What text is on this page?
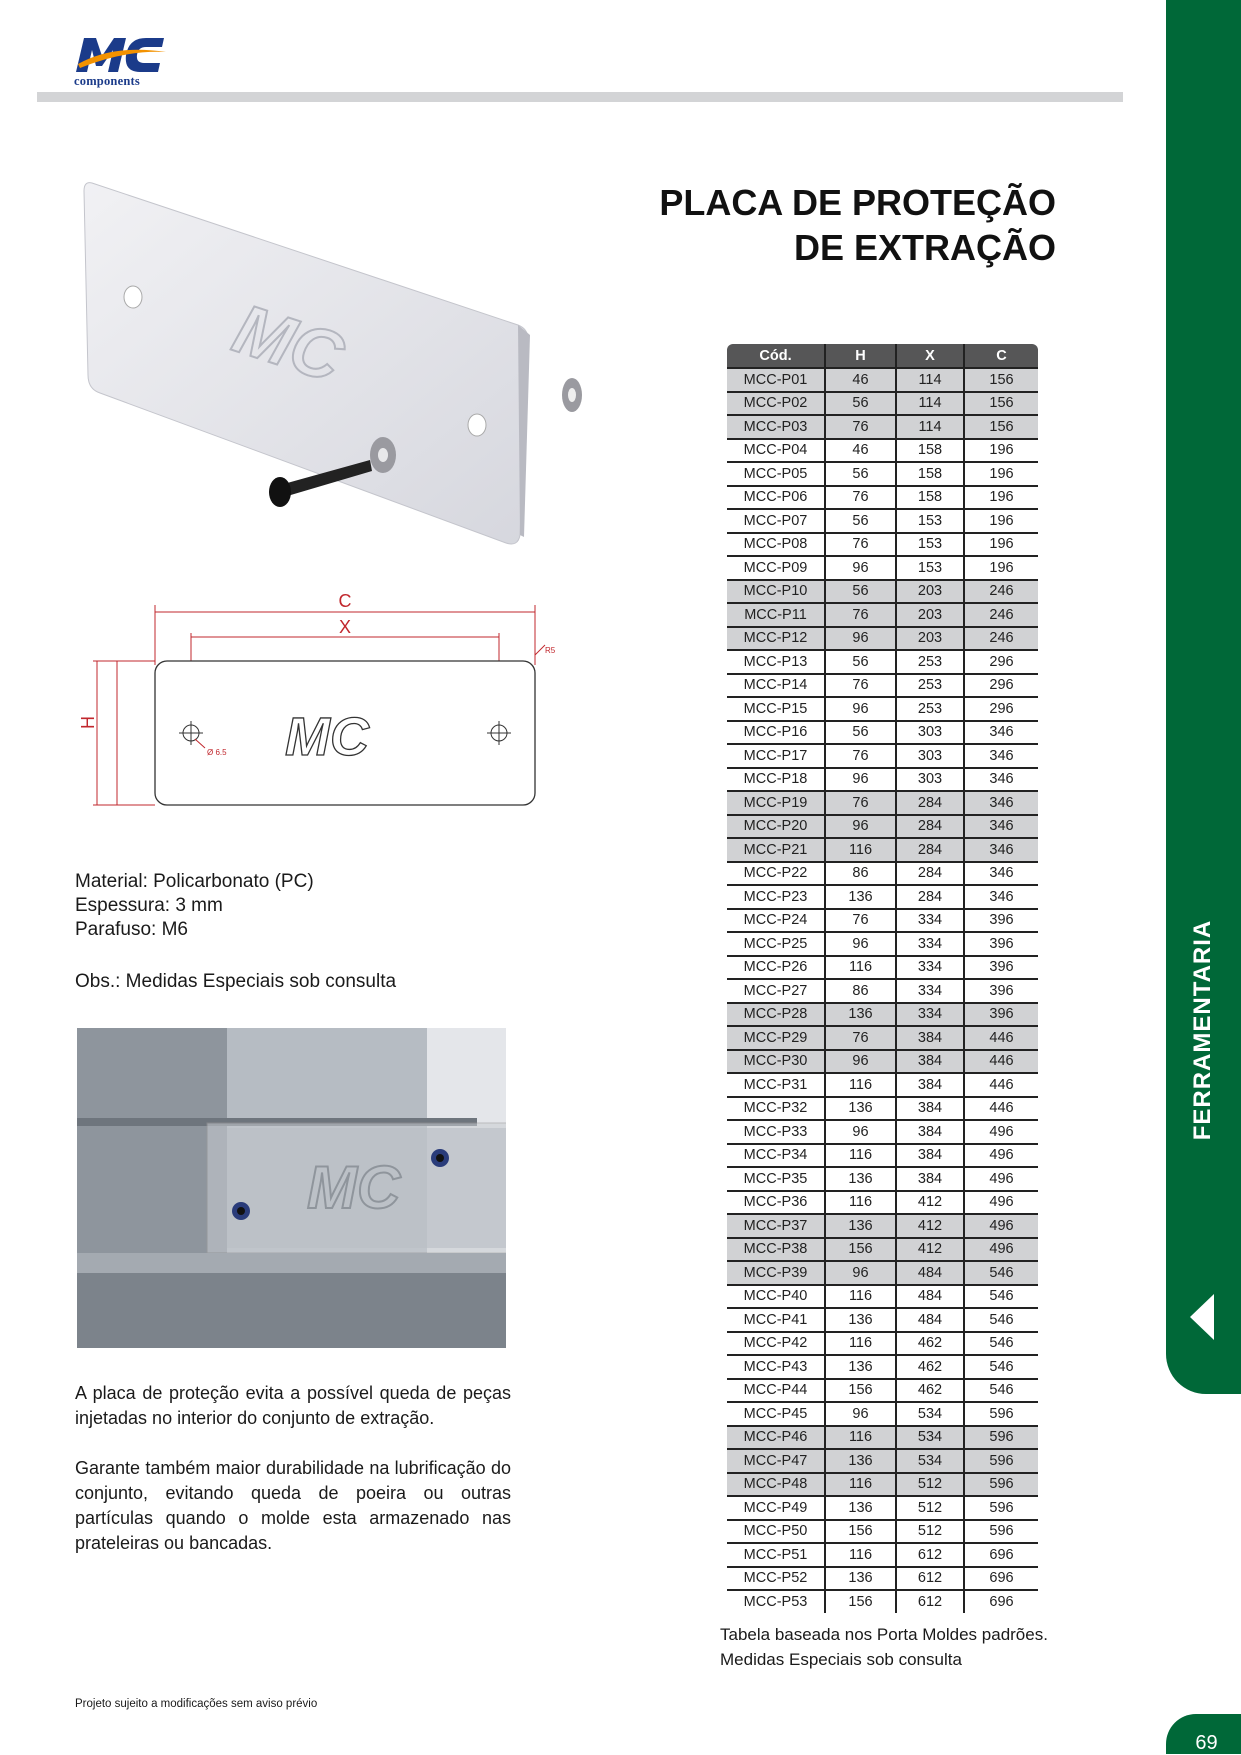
components
PLACA DE PROTEÇÃO
DE EXTRAÇÃO
MC
C
X
H
R5
Ø 6.5 MC
Material: Policarbonato (PC)
Espessura: 3 mm
Parafuso: M6
Obs.: Medidas Especiais sob consulta
MC
A placa de proteção evita a possível queda de peças injetadas no interior do conjunto de extração.
Garante também maior durabilidade na lubrificação do conjunto, evitando queda de poeira ou outras partículas quando o molde esta armazenado nas prateleiras ou bancadas.
Cód.	H	X	C
MCC-P01	46	114	156
MCC-P02	56	114	156
MCC-P03	76	114	156
MCC-P04	46	158	196
MCC-P05	56	158	196
MCC-P06	76	158	196
MCC-P07	56	153	196
MCC-P08	76	153	196
MCC-P09	96	153	196
MCC-P10	56	203	246
MCC-P11	76	203	246
MCC-P12	96	203	246
MCC-P13	56	253	296
MCC-P14	76	253	296
MCC-P15	96	253	296
MCC-P16	56	303	346
MCC-P17	76	303	346
MCC-P18	96	303	346
MCC-P19	76	284	346
MCC-P20	96	284	346
MCC-P21	116	284	346
MCC-P22	86	284	346
MCC-P23	136	284	346
MCC-P24	76	334	396
MCC-P25	96	334	396
MCC-P26	116	334	396
MCC-P27	86	334	396
MCC-P28	136	334	396
MCC-P29	76	384	446
MCC-P30	96	384	446
MCC-P31	116	384	446
MCC-P32	136	384	446
MCC-P33	96	384	496
MCC-P34	116	384	496
MCC-P35	136	384	496
MCC-P36	116	412	496
MCC-P37	136	412	496
MCC-P38	156	412	496
MCC-P39	96	484	546
MCC-P40	116	484	546
MCC-P41	136	484	546
MCC-P42	116	462	546
MCC-P43	136	462	546
MCC-P44	156	462	546
MCC-P45	96	534	596
MCC-P46	116	534	596
MCC-P47	136	534	596
MCC-P48	116	512	596
MCC-P49	136	512	596
MCC-P50	156	512	596
MCC-P51	116	612	696
MCC-P52	136	612	696
MCC-P53	156	612	696
Tabela baseada nos Porta Moldes padrões.
Medidas Especiais sob consulta
FERRAMENTARIA
69
Projeto sujeito a modificações sem aviso prévio
